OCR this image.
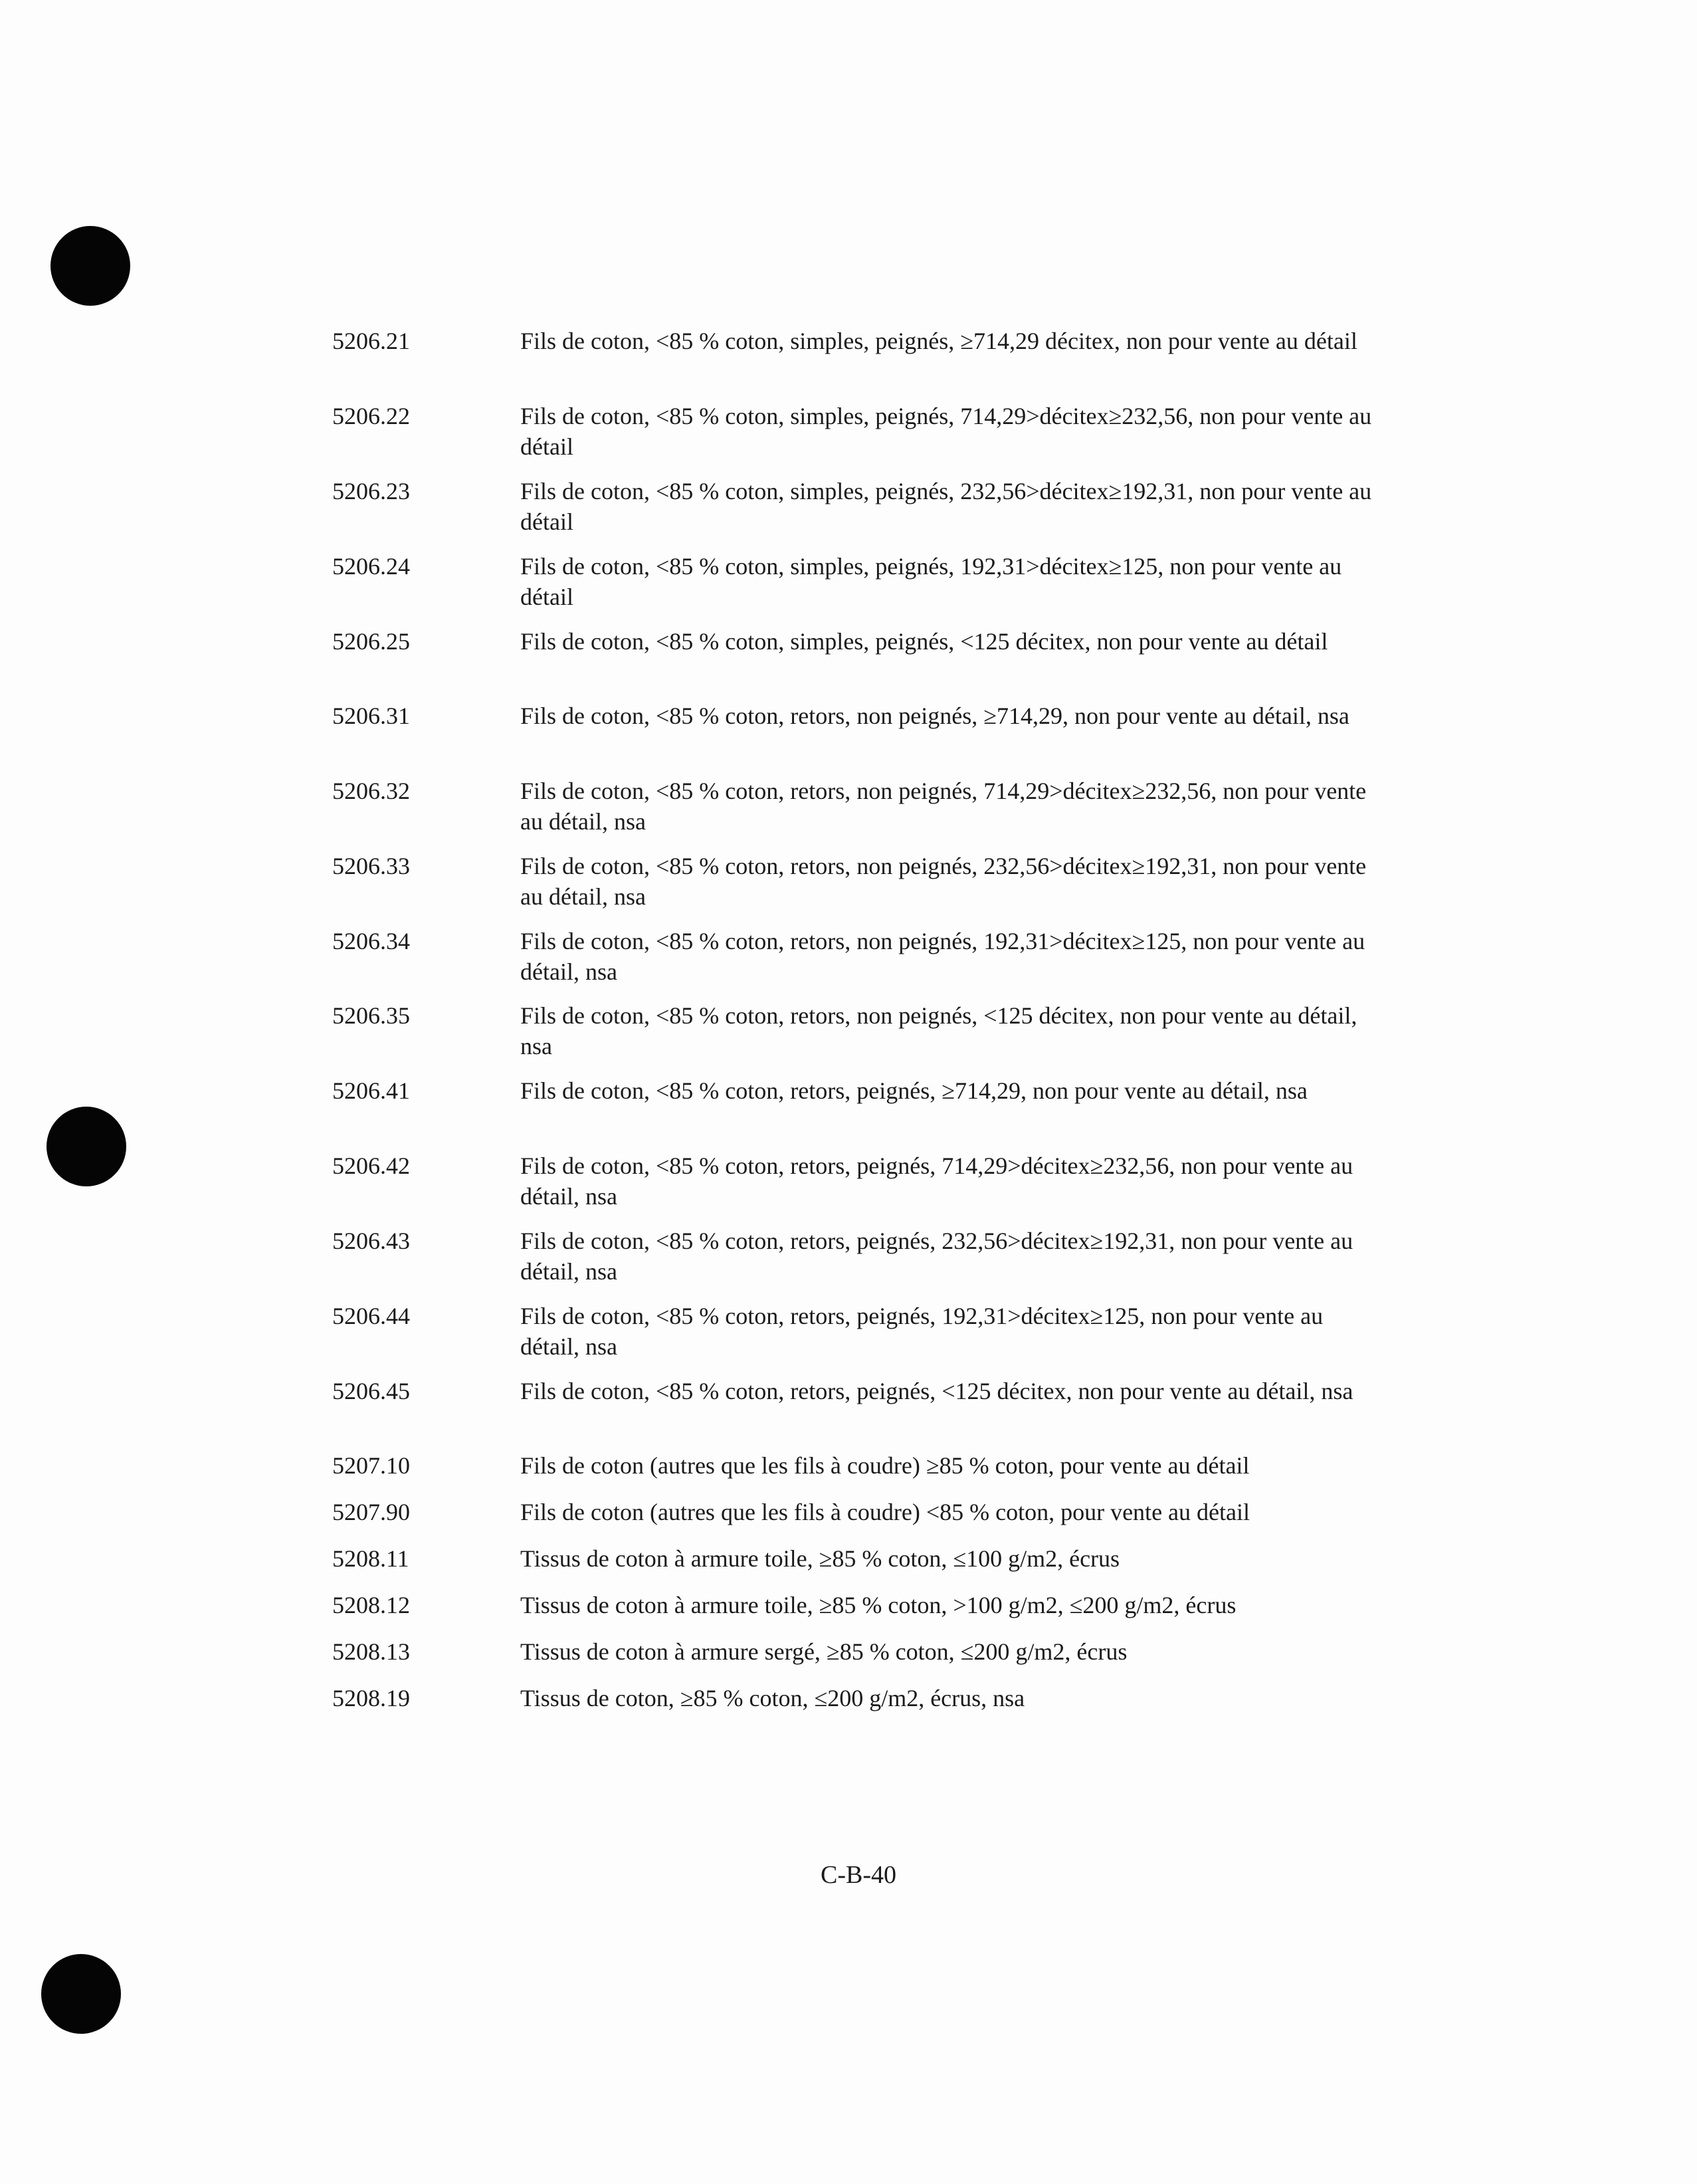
5206.21	Fils de coton, <85 % coton, simples, peignés, ≥714,29 décitex, non pour vente au détail
5206.22	Fils de coton, <85 % coton, simples, peignés, 714,29>décitex≥232,56, non pour vente au détail
5206.23	Fils de coton, <85 % coton, simples, peignés, 232,56>décitex≥192,31, non pour vente au détail
5206.24	Fils de coton, <85 % coton, simples, peignés, 192,31>décitex≥125, non pour vente au détail
5206.25	Fils de coton, <85 % coton, simples, peignés, <125 décitex, non pour vente au détail
5206.31	Fils de coton, <85 % coton, retors, non peignés, ≥714,29, non pour vente au détail, nsa
5206.32	Fils de coton, <85 % coton, retors, non peignés, 714,29>décitex≥232,56, non pour vente au détail, nsa
5206.33	Fils de coton, <85 % coton, retors, non peignés, 232,56>décitex≥192,31, non pour vente au détail, nsa
5206.34	Fils de coton, <85 % coton, retors, non peignés, 192,31>décitex≥125, non pour vente au détail, nsa
5206.35	Fils de coton, <85 % coton, retors, non peignés, <125 décitex, non pour vente au détail, nsa
5206.41	Fils de coton, <85 % coton, retors, peignés, ≥714,29, non pour vente au détail, nsa
5206.42	Fils de coton, <85 % coton, retors, peignés, 714,29>décitex≥232,56, non pour vente au détail, nsa
5206.43	Fils de coton, <85 % coton, retors, peignés, 232,56>décitex≥192,31, non pour vente au détail, nsa
5206.44	Fils de coton, <85 % coton, retors, peignés, 192,31>décitex≥125, non pour vente au détail, nsa
5206.45	Fils de coton, <85 % coton, retors, peignés, <125 décitex, non pour vente au détail, nsa
5207.10	Fils de coton (autres que les fils à coudre) ≥85 % coton, pour vente au détail
5207.90	Fils de coton (autres que les fils à coudre) <85 % coton, pour vente au détail
5208.11	Tissus de coton à armure toile, ≥85 % coton, ≤100 g/m2, écrus
5208.12	Tissus de coton à armure toile, ≥85 % coton, >100 g/m2, ≤200 g/m2, écrus
5208.13	Tissus de coton à armure sergé, ≥85 % coton, ≤200 g/m2, écrus
5208.19	Tissus de coton, ≥85 % coton, ≤200 g/m2, écrus, nsa
C-B-40
